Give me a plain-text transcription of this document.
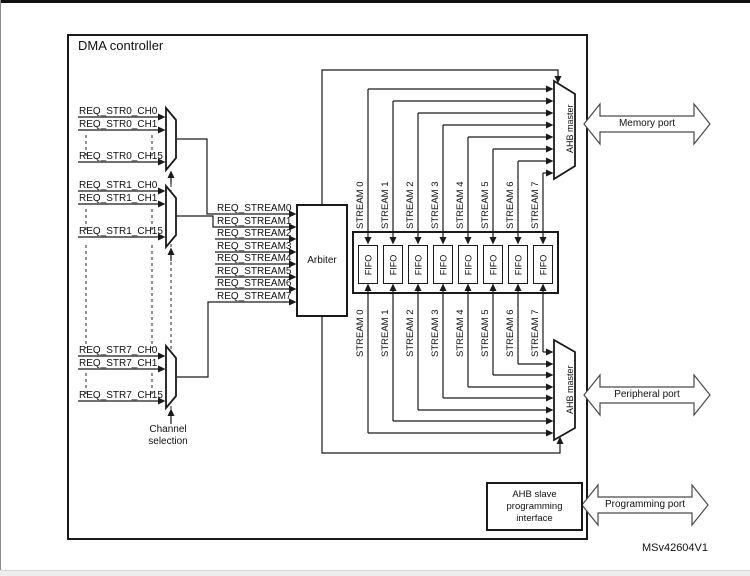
Arbiter	FIFO FIFO FIFO FIFO FIFO FIFO FIFO FIFO
DMA controller
REQ_STR0_CH0
REQ_STR0_CH1
REQ_STR0_CH15
REQ_STR1_CH0
REQ_STR1_CH1
REQ_STR1_CH15
REQ_STR7_CH0
REQ_STR7_CH1
REQ_STR7_CH15
Channel selection
REQ_STREAM0
REQ_STREAM1
REQ_STREAM2
REQ_STREAM3
REQ_STREAM4
REQ_STREAM5
REQ_STREAM6
REQ_STREAM7
STREAM 0 STREAM 1 STREAM 2 STREAM 3 STREAM 4 STREAM 5 STREAM 6 STREAM 7
STREAM 0 STREAM 1 STREAM 2 STREAM 3 STREAM 4 STREAM 5 STREAM 6 STREAM 7
AHB master
AHB master
Memory port
Peripheral port
Programming port
AHB slave programming interface
MSv42604V1
